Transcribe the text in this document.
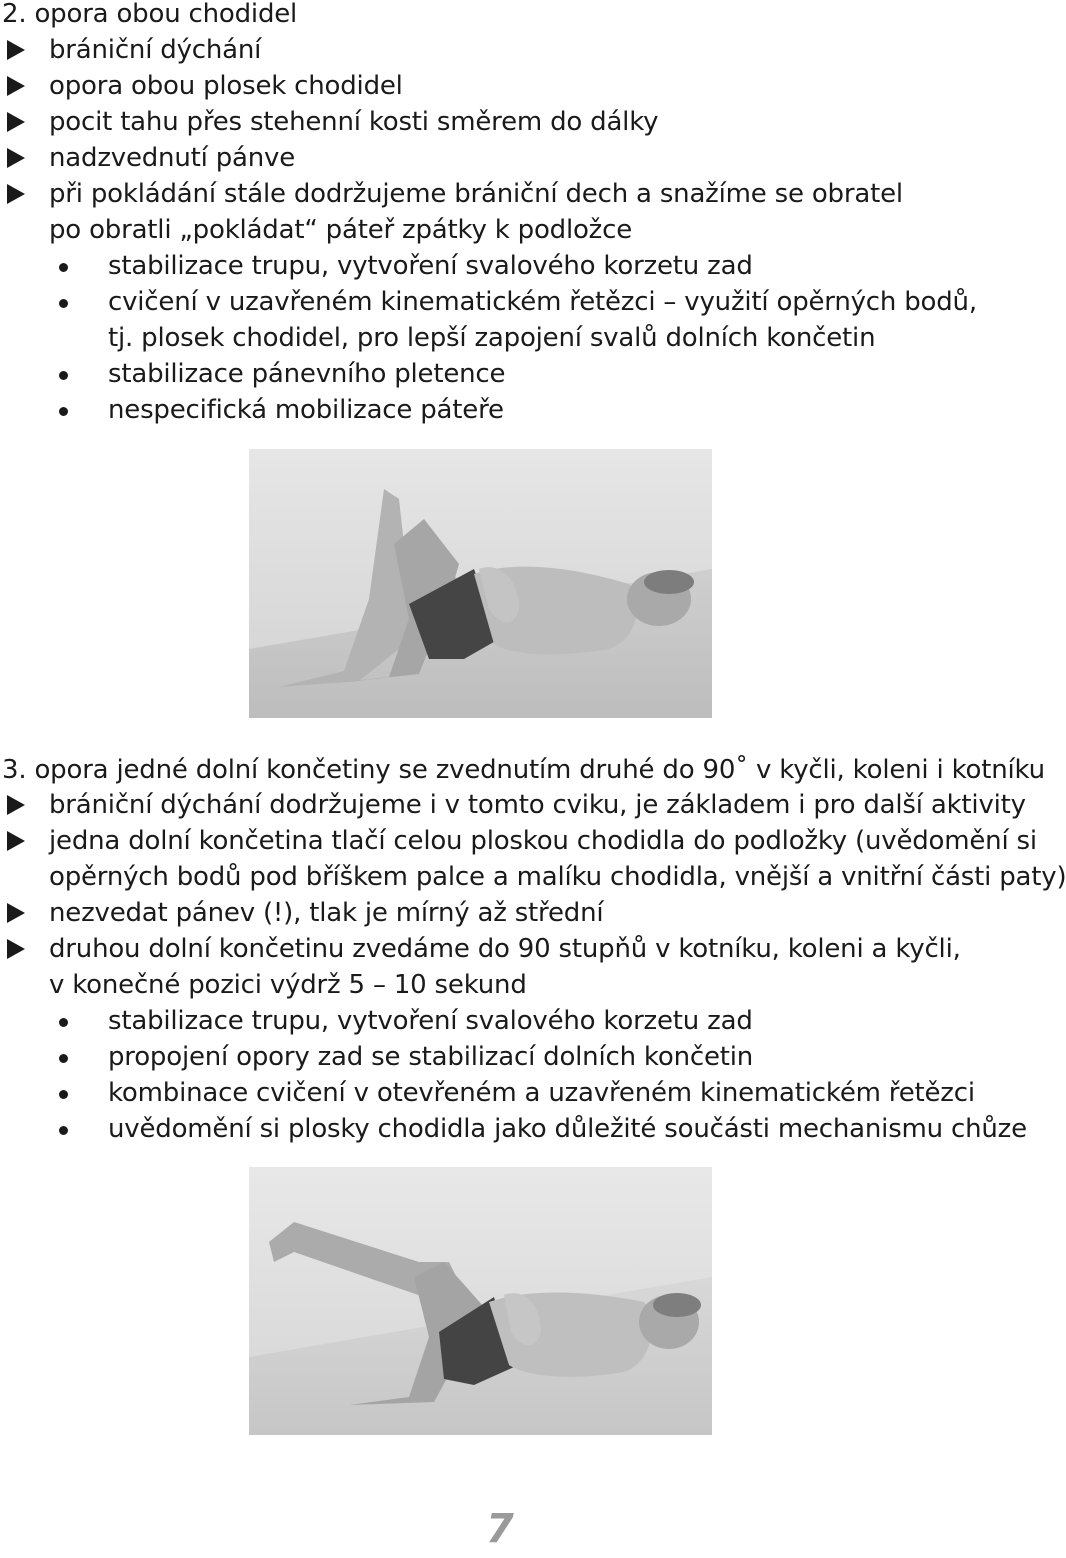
2. opora obou chodidel
brániční dýchání
opora obou plosek chodidel
pocit tahu přes stehenní kosti směrem do dálky
nadzvednutí pánve
při pokládání stále dodržujeme brániční dech a snažíme se obratel
po obratli „pokládat“ páteř zpátky k podložce
stabilizace trupu, vytvoření svalového korzetu zad
cvičení v uzavřeném kinematickém řetězci – využití opěrných bodů,
tj. plosek chodidel, pro lepší zapojení svalů dolních končetin
stabilizace pánevního pletence
nespecifická mobilizace páteře
3. opora jedné dolní končetiny se zvednutím druhé do 90˚ v kyčli, koleni i kotníku
brániční dýchání dodržujeme i v tomto cviku, je základem i pro další aktivity
jedna dolní končetina tlačí celou ploskou chodidla do podložky (uvědomění si
opěrných bodů pod bříškem palce a malíku chodidla, vnější a vnitřní části paty)
nezvedat pánev (!), tlak je mírný až střední
druhou dolní končetinu zvedáme do 90 stupňů v kotníku, koleni a kyčli,
v konečné pozici výdrž 5 – 10 sekund
stabilizace trupu, vytvoření svalového korzetu zad
propojení opory zad se stabilizací dolních končetin
kombinace cvičení v otevřeném a uzavřeném kinematickém řetězci
uvědomění si plosky chodidla jako důležité součásti mechanismu chůze
7
